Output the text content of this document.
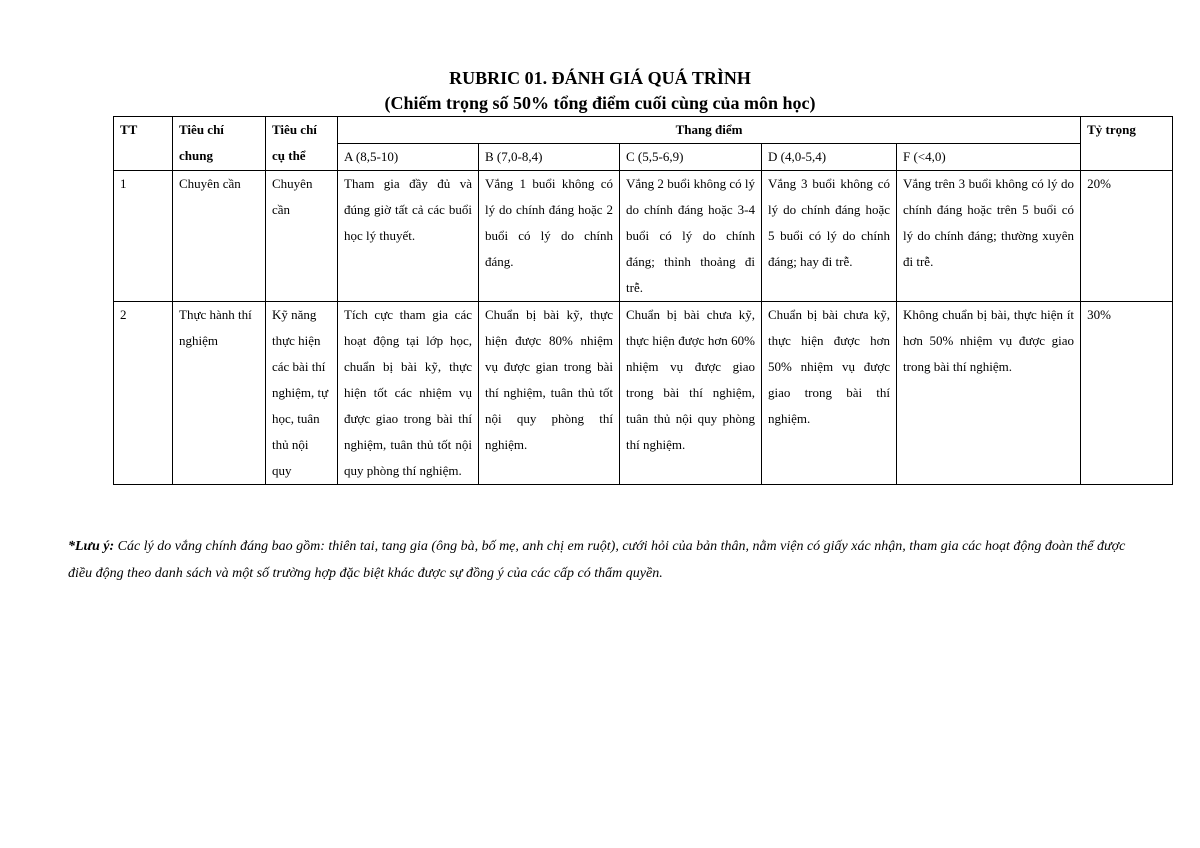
RUBRIC 01. ĐÁNH GIÁ QUÁ TRÌNH
(Chiếm trọng số 50% tổng điểm cuối cùng của môn học)
TT	Tiêu chí chung	Tiêu chí cụ thể	Thang điểm					Tỷ trọng
			A (8,5-10)	B (7,0-8,4)	C (5,5-6,9)	D (4,0-5,4)	F (<4,0)	
1	Chuyên cần	Chuyên cần	Tham gia đầy đủ và đúng giờ tất cả các buổi học lý thuyết.	Vắng 1 buổi không có lý do chính đáng hoặc 2 buổi có lý do chính đáng.	Vắng 2 buổi không có lý do chính đáng hoặc 3-4 buổi có lý do chính đáng; thỉnh thoảng đi trễ.	Vắng 3 buổi không có lý do chính đáng hoặc 5 buổi có lý do chính đáng; hay đi trễ.	Vắng trên 3 buổi không có lý do chính đáng hoặc trên 5 buổi có lý do chính đáng; thường xuyên đi trễ.	20%
2	Thực hành thí nghiệm	Kỹ năng thực hiện các bài thí nghiệm, tự học, tuân thủ nội quy	Tích cực tham gia các hoạt động tại lớp học, chuẩn bị bài kỹ, thực hiện tốt các nhiệm vụ được giao trong bài thí nghiệm, tuân thủ tốt nội quy phòng thí nghiệm.	Chuẩn bị bài kỹ, thực hiện được 80% nhiệm vụ được gian trong bài thí nghiệm, tuân thủ tốt nội quy phòng thí nghiệm.	Chuẩn bị bài chưa kỹ, thực hiện được hơn 60% nhiệm vụ được giao trong bài thí nghiệm, tuân thủ nội quy phòng thí nghiệm.	Chuẩn bị bài chưa kỹ, thực hiện được hơn 50% nhiệm vụ được giao trong bài thí nghiệm.	Không chuẩn bị bài, thực hiện ít hơn 50% nhiệm vụ được giao trong bài thí nghiệm.	30%
*Lưu ý: Các lý do vắng chính đáng bao gồm: thiên tai, tang gia (ông bà, bố mẹ, anh chị em ruột), cưới hỏi của bản thân, nằm viện có giấy xác nhận, tham gia các hoạt động đoàn thể được điều động theo danh sách và một số trường hợp đặc biệt khác được sự đồng ý của các cấp có thẩm quyền.
